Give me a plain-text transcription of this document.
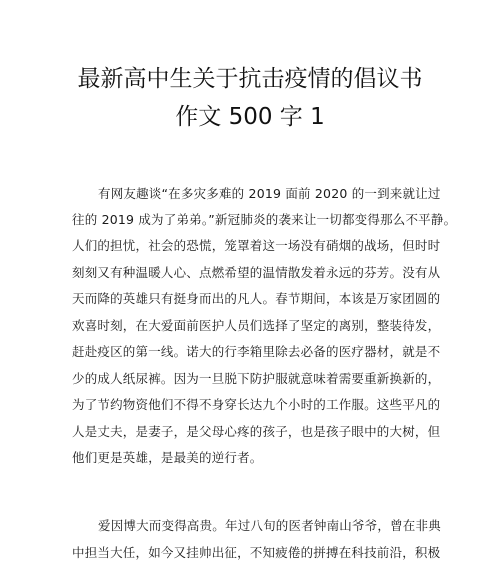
最新高中生关于抗击疫情的倡议书
作文 500 字 1
有网友趣谈“在多灾多难的 2019 面前 2020 的一到来就让过
往的 2019 成为了弟弟。”新冠肺炎的袭来让一切都变得那么不平静。
人们的担忧，社会的恐慌，笼罩着这一场没有硝烟的战场，但时时
刻刻又有种温暖人心、点燃希望的温情散发着永远的芬芳。没有从
天而降的英雄只有挺身而出的凡人。春节期间，本该是万家团圆的
欢喜时刻，在大爱面前医护人员们选择了坚定的离别，整装待发，
赶赴疫区的第一线。诺大的行李箱里除去必备的医疗器材，就是不
少的成人纸尿裤。因为一旦脱下防护服就意味着需要重新换新的，
为了节约物资他们不得不身穿长达九个小时的工作服。这些平凡的
人是丈夫，是妻子，是父母心疼的孩子，也是孩子眼中的大树，但
他们更是英雄，是最美的逆行者。
爱因博大而变得高贵。年过八旬的医者钟南山爷爷，曾在非典
中担当大任，如今又挂帅出征，不知疲倦的拼搏在科技前沿，积极
